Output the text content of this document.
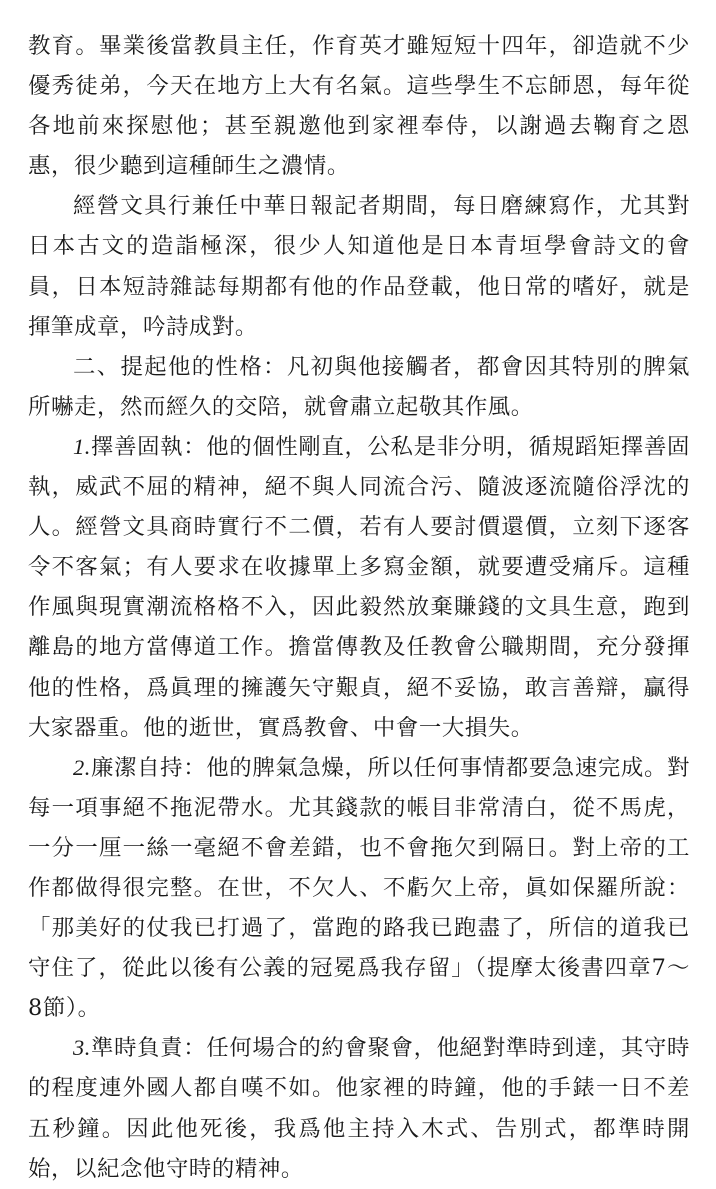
教育。畢業後當教員主任，作育英才雖短短十四年，卻造就不少優秀徒弟，今天在地方上大有名氣。這些學生不忘師恩，每年從各地前來探慰他；甚至親邀他到家裡奉侍，以謝過去鞠育之恩惠，很少聽到這種師生之濃情。

經營文具行兼任中華日報記者期間，每日磨練寫作，尤其對日本古文的造詣極深，很少人知道他是日本青垣學會詩文的會員，日本短詩雜誌每期都有他的作品登載，他日常的嗜好，就是揮筆成章，吟詩成對。

二、提起他的性格：凡初與他接觸者，都會因其特別的脾氣所嚇走，然而經久的交陪，就會肅立起敬其作風。

1.擇善固執：他的個性剛直，公私是非分明，循規蹈矩擇善固執，威武不屈的精神，絕不與人同流合污、隨波逐流隨俗浮沈的人。經營文具商時實行不二價，若有人要討價還價，立刻下逐客令不客氣；有人要求在收據單上多寫金額，就要遭受痛斥。這種作風與現實潮流格格不入，因此毅然放棄賺錢的文具生意，跑到離島的地方當傳道工作。擔當傳教及任教會公職期間，充分發揮他的性格，爲眞理的擁護矢守艱貞，絕不妥協，敢言善辯，贏得大家器重。他的逝世，實爲教會、中會一大損失。

2.廉潔自持：他的脾氣急燥，所以任何事情都要急速完成。對每一項事絕不拖泥帶水。尤其錢款的帳目非常清白，從不馬虎，一分一厘一絲一毫絕不會差錯，也不會拖欠到隔日。對上帝的工作都做得很完整。在世，不欠人、不虧欠上帝，眞如保羅所說：「那美好的仗我已打過了，當跑的路我已跑盡了，所信的道我已守住了，從此以後有公義的冠冕爲我存留」（提摩太後書四章7～8節）。

3.準時負責：任何場合的約會聚會，他絕對準時到達，其守時的程度連外國人都自嘆不如。他家裡的時鐘，他的手錶一日不差五秒鐘。因此他死後，我爲他主持入木式、告別式，都準時開始，以紀念他守時的精神。
